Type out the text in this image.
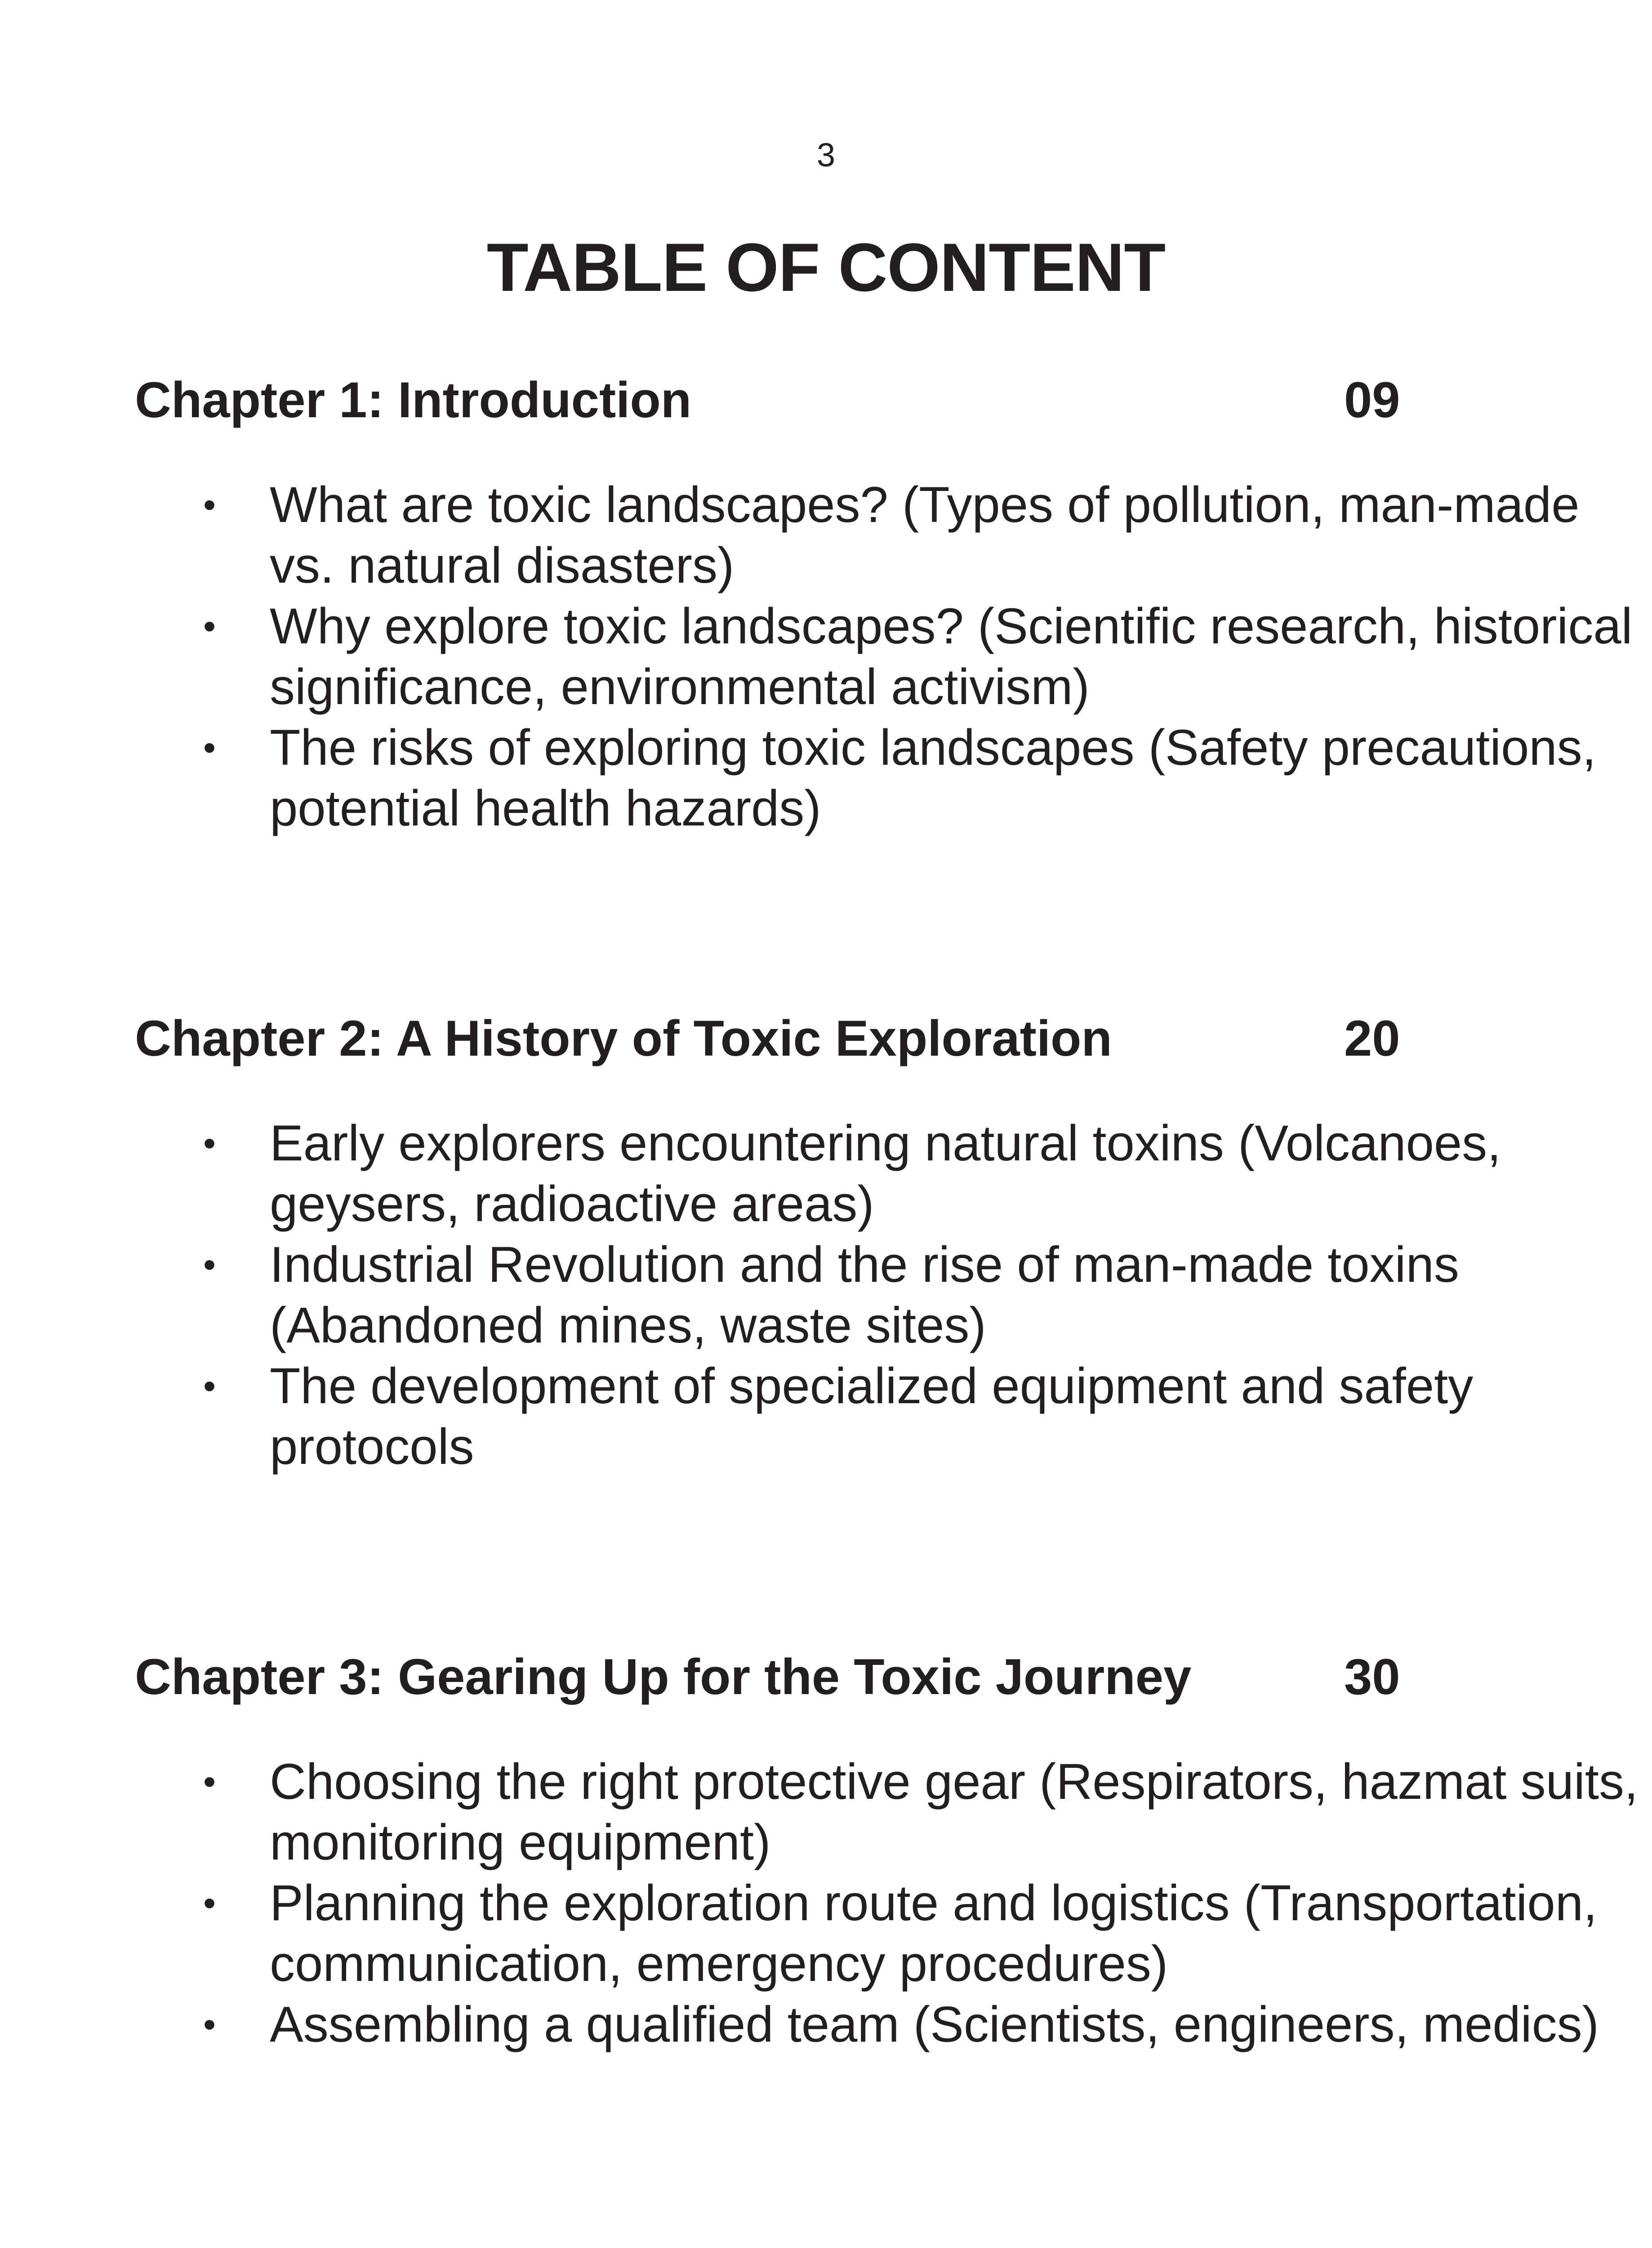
3
TABLE OF CONTENT
Chapter 1: Introduction	09
• What are toxic landscapes? (Types of pollution, man-made vs. natural disasters)
• Why explore toxic landscapes? (Scientific research, historical significance, environmental activism)
• The risks of exploring toxic landscapes (Safety precautions, potential health hazards)
Chapter 2: A History of Toxic Exploration	20
• Early explorers encountering natural toxins (Volcanoes, geysers, radioactive areas)
• Industrial Revolution and the rise of man-made toxins (Abandoned mines, waste sites)
• The development of specialized equipment and safety protocols
Chapter 3: Gearing Up for the Toxic Journey	30
• Choosing the right protective gear (Respirators, hazmat suits, monitoring equipment)
• Planning the exploration route and logistics (Transportation, communication, emergency procedures)
• Assembling a qualified team (Scientists, engineers, medics)
